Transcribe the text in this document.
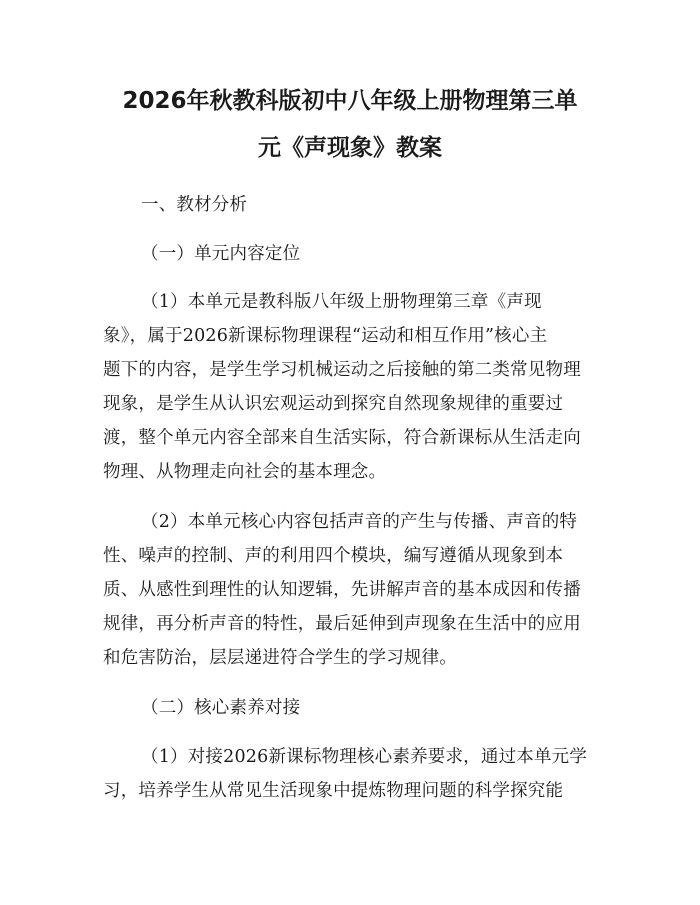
2026年秋教科版初中八年级上册物理第三单
元《声现象》教案

一、教材分析

（一）单元内容定位

（1）本单元是教科版八年级上册物理第三章《声现

象》，属于2026新课标物理课程“运动和相互作用”核心主

题下的内容，是学生学习机械运动之后接触的第二类常见物理

现象，是学生从认识宏观运动到探究自然现象规律的重要过

渡，整个单元内容全部来自生活实际，符合新课标从生活走向

物理、从物理走向社会的基本理念。

（2）本单元核心内容包括声音的产生与传播、声音的特

性、噪声的控制、声的利用四个模块，编写遵循从现象到本

质、从感性到理性的认知逻辑，先讲解声音的基本成因和传播

规律，再分析声音的特性，最后延伸到声现象在生活中的应用

和危害防治，层层递进符合学生的学习规律。

（二）核心素养对接

（1）对接2026新课标物理核心素养要求，通过本单元学

习，培养学生从常见生活现象中提炼物理问题的科学探究能
